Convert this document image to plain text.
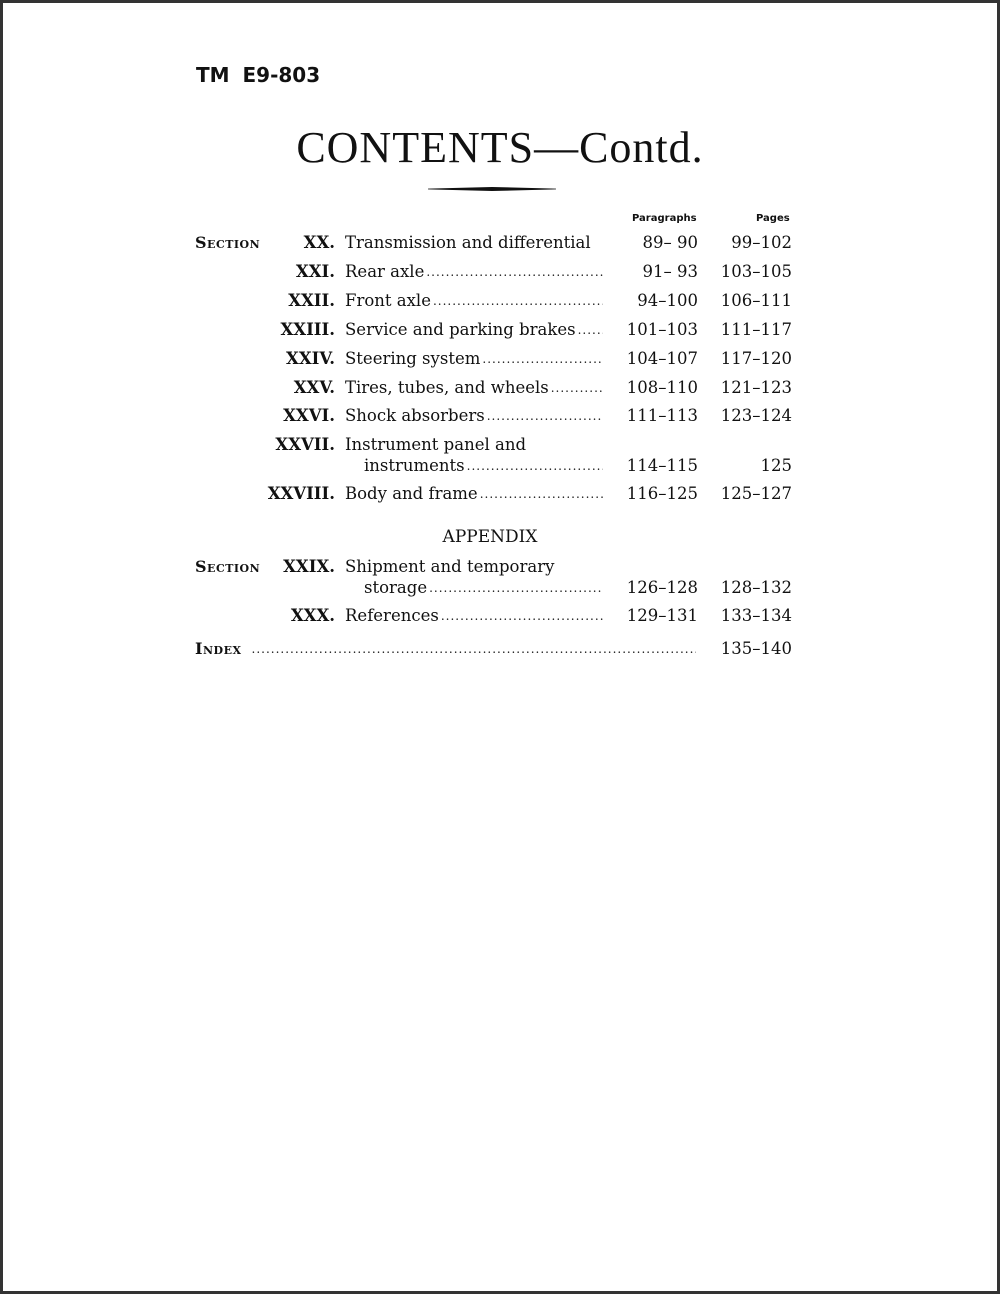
TM E9-803
CONTENTS—Contd.
Paragraphs	Pages
Section	XX. Transmission and differential	89– 90 99–102
XXI. Rear axle .....	91– 93 103–105
XXII. Front axle .....	94–100 106–111
XXIII. Service and parking brakes .....	101–103 111–117
XXIV. Steering system .....	104–107 117–120
XXV. Tires, tubes, and wheels .....	108–110 121–123
XXVI. Shock absorbers .....	111–113 123–124
XXVII. Instrument panel and
instruments .....	114–115	125
XXVIII. Body and frame .....	116–125 125–127
APPENDIX
Section XXIX. Shipment and temporary
storage .....	126–128 128–132
XXX. References .....	129–131 133–134
Index .....	135–140
